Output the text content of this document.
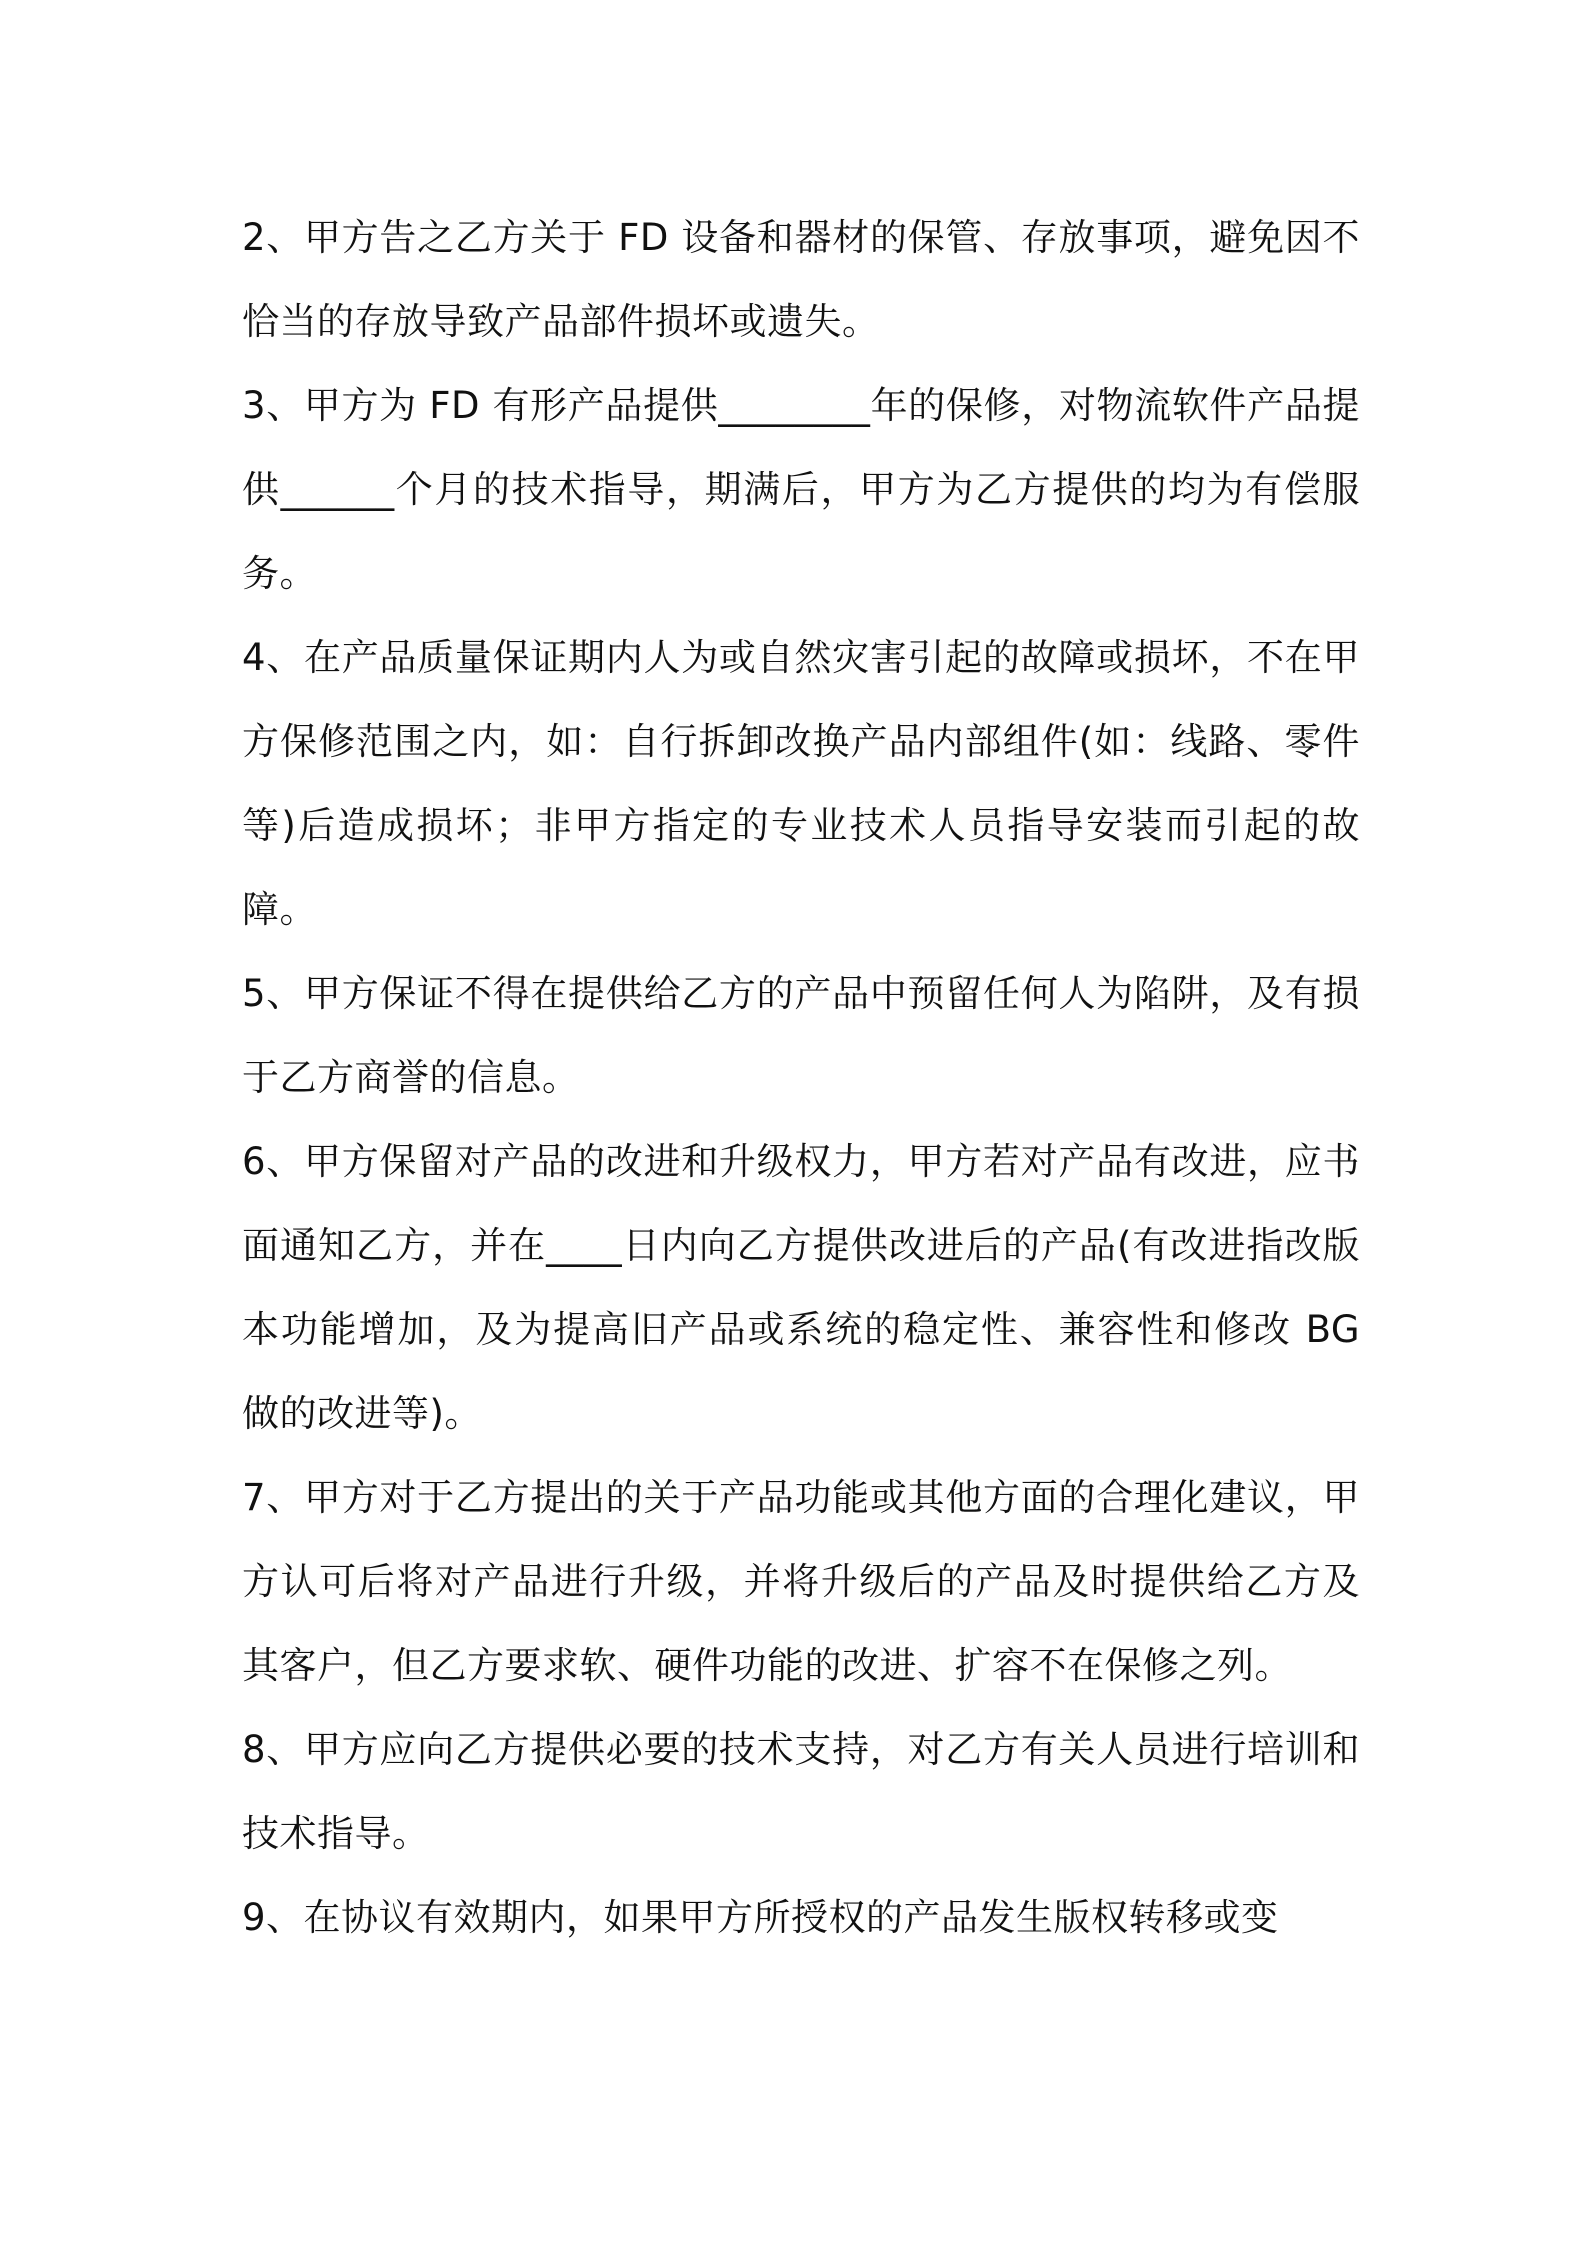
2、甲方告之乙方关于 FD 设备和器材的保管、存放事项，避免因不恰当的存放导致产品部件损坏或遗失。

3、甲方为 FD 有形产品提供________年的保修，对物流软件产品提供______个月的技术指导，期满后，甲方为乙方提供的均为有偿服务。

4、在产品质量保证期内人为或自然灾害引起的故障或损坏，不在甲方保修范围之内，如：自行拆卸改换产品内部组件(如：线路、零件等)后造成损坏；非甲方指定的专业技术人员指导安装而引起的故障。

5、甲方保证不得在提供给乙方的产品中预留任何人为陷阱，及有损于乙方商誉的信息。

6、甲方保留对产品的改进和升级权力，甲方若对产品有改进，应书面通知乙方，并在____日内向乙方提供改进后的产品(有改进指改版本功能增加，及为提高旧产品或系统的稳定性、兼容性和修改 BG 做的改进等)。

7、甲方对于乙方提出的关于产品功能或其他方面的合理化建议，甲方认可后将对产品进行升级，并将升级后的产品及时提供给乙方及其客户，但乙方要求软、硬件功能的改进、扩容不在保修之列。

8、甲方应向乙方提供必要的技术支持，对乙方有关人员进行培训和技术指导。

9、在协议有效期内，如果甲方所授权的产品发生版权转移或变
